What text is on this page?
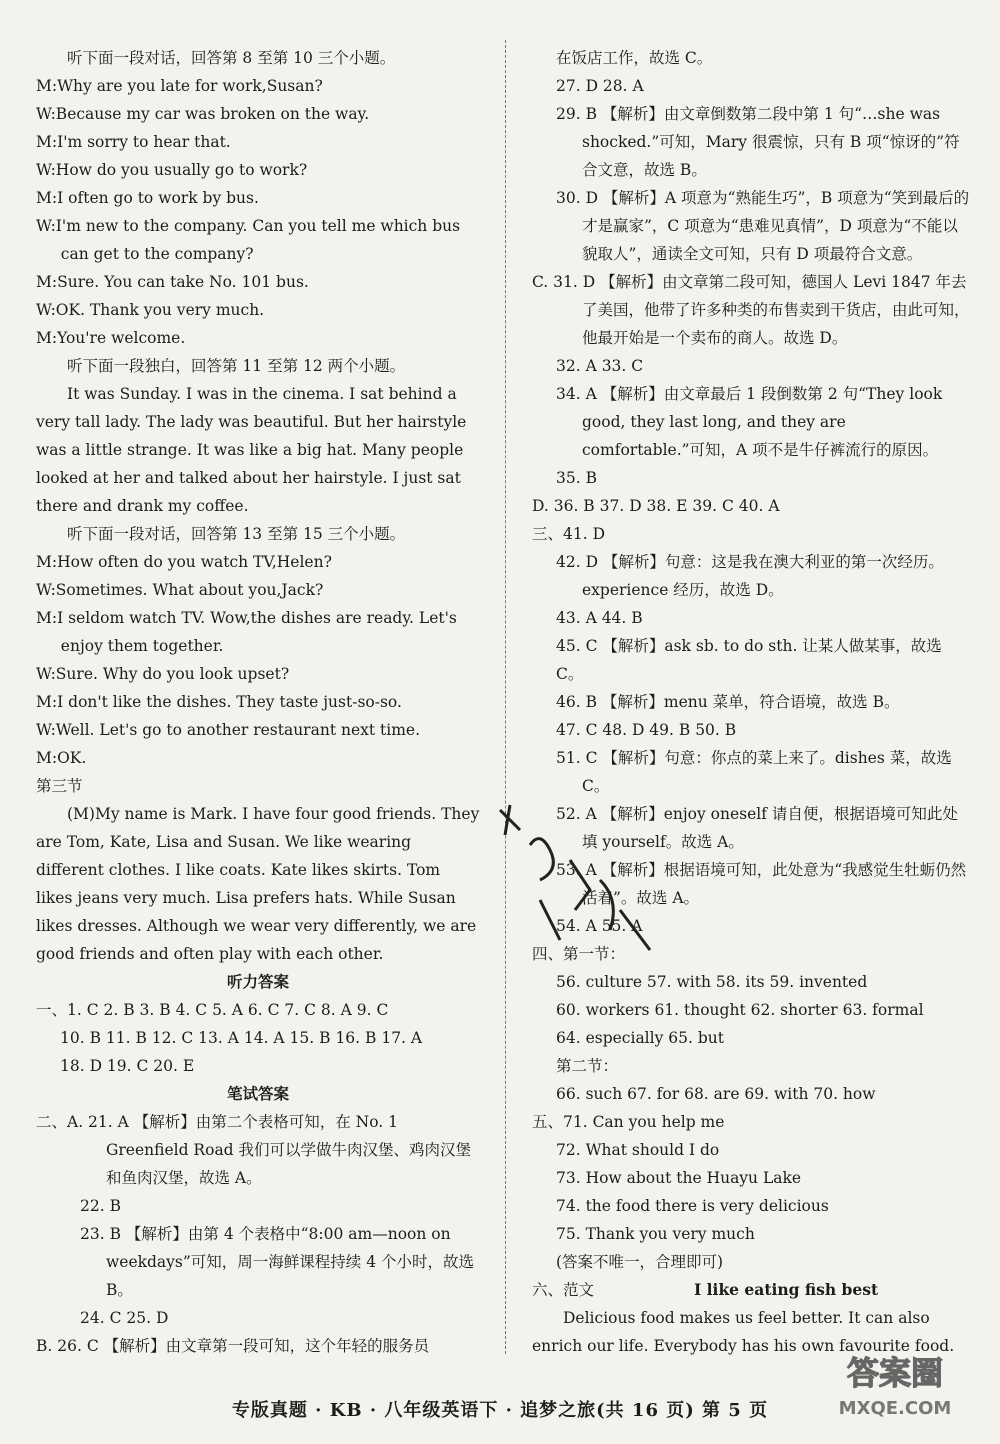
听下面一段对话，回答第 8 至第 10 三个小题。

M:Why are you late for work,Susan?

W:Because my car was broken on the way.

M:I'm sorry to hear that.

W:How do you usually go to work?

M:I often go to work by bus.

W:I'm new to the company. Can you tell me which bus can get to the company?

M:Sure. You can take No. 101 bus.

W:OK. Thank you very much.

M:You're welcome.

听下面一段独白，回答第 11 至第 12 两个小题。

It was Sunday. I was in the cinema. I sat behind a very tall lady. The lady was beautiful. But her hairstyle was a little strange. It was like a big hat. Many people looked at her and talked about her hairstyle. I just sat there and drank my coffee.

听下面一段对话，回答第 13 至第 15 三个小题。

M:How often do you watch TV,Helen?

W:Sometimes. What about you,Jack?

M:I seldom watch TV. Wow,the dishes are ready. Let's enjoy them together.

W:Sure. Why do you look upset?

M:I don't like the dishes. They taste just-so-so.

W:Well. Let's go to another restaurant next time.

M:OK.

第三节

(M)My name is Mark. I have four good friends. They are Tom, Kate, Lisa and Susan. We like wearing different clothes. I like coats. Kate likes skirts. Tom likes jeans very much. Lisa prefers hats. While Susan likes dresses. Although we wear very differently, we are good friends and often play with each other.

听力答案

一、1. C 2. B 3. B 4. C 5. A 6. C 7. C 8. A 9. C

10. B 11. B 12. C 13. A 14. A 15. B 16. B 17. A

18. D 19. C 20. E

笔试答案

二、A. 21. A 【解析】由第二个表格可知，在 No. 1 Greenfield Road 我们可以学做牛肉汉堡、鸡肉汉堡和鱼肉汉堡，故选 A。

22. B

23. B 【解析】由第 4 个表格中“8:00 am—noon on weekdays”可知，周一海鲜课程持续 4 个小时，故选 B。

24. C 25. D

B. 26. C 【解析】由文章第一段可知，这个年轻的服务员

在饭店工作，故选 C。

27. D 28. A

29. B 【解析】由文章倒数第二段中第 1 句“…she was shocked.”可知，Mary 很震惊，只有 B 项“惊讶的”符合文意，故选 B。

30. D 【解析】A 项意为“熟能生巧”，B 项意为“笑到最后的才是赢家”，C 项意为“患难见真情”，D 项意为“不能以貌取人”，通读全文可知，只有 D 项最符合文意。

C. 31. D 【解析】由文章第二段可知，德国人 Levi 1847 年去了美国，他带了许多种类的布售卖到干货店，由此可知，他最开始是一个卖布的商人。故选 D。

32. A 33. C

34. A 【解析】由文章最后 1 段倒数第 2 句“They look good, they last long, and they are comfortable.”可知，A 项不是牛仔裤流行的原因。

35. B

D. 36. B 37. D 38. E 39. C 40. A

三、41. D

42. D 【解析】句意：这是我在澳大利亚的第一次经历。experience 经历，故选 D。

43. A 44. B

45. C 【解析】ask sb. to do sth. 让某人做某事，故选 C。

46. B 【解析】menu 菜单，符合语境，故选 B。

47. C 48. D 49. B 50. B

51. C 【解析】句意：你点的菜上来了。dishes 菜，故选 C。

52. A 【解析】enjoy oneself 请自便，根据语境可知此处填 yourself。故选 A。

53. A 【解析】根据语境可知，此处意为“我感觉生牡蛎仍然活着”。故选 A。

54. A 55. A

四、第一节：

56. culture 57. with 58. its 59. invented

60. workers 61. thought 62. shorter 63. formal

64. especially 65. but

第二节：

66. such 67. for 68. are 69. with 70. how

五、71. Can you help me

72. What should I do

73. How about the Huayu Lake

74. the food there is very delicious

75. Thank you very much

(答案不唯一，合理即可)

六、范文	I like eating fish best

Delicious food makes us feel better. It can also enrich our life. Everybody has his own favourite food.

专版真题 · KB · 八年级英语下 · 追梦之旅(共 16 页) 第 5 页
答案圈
MXQE.COM
